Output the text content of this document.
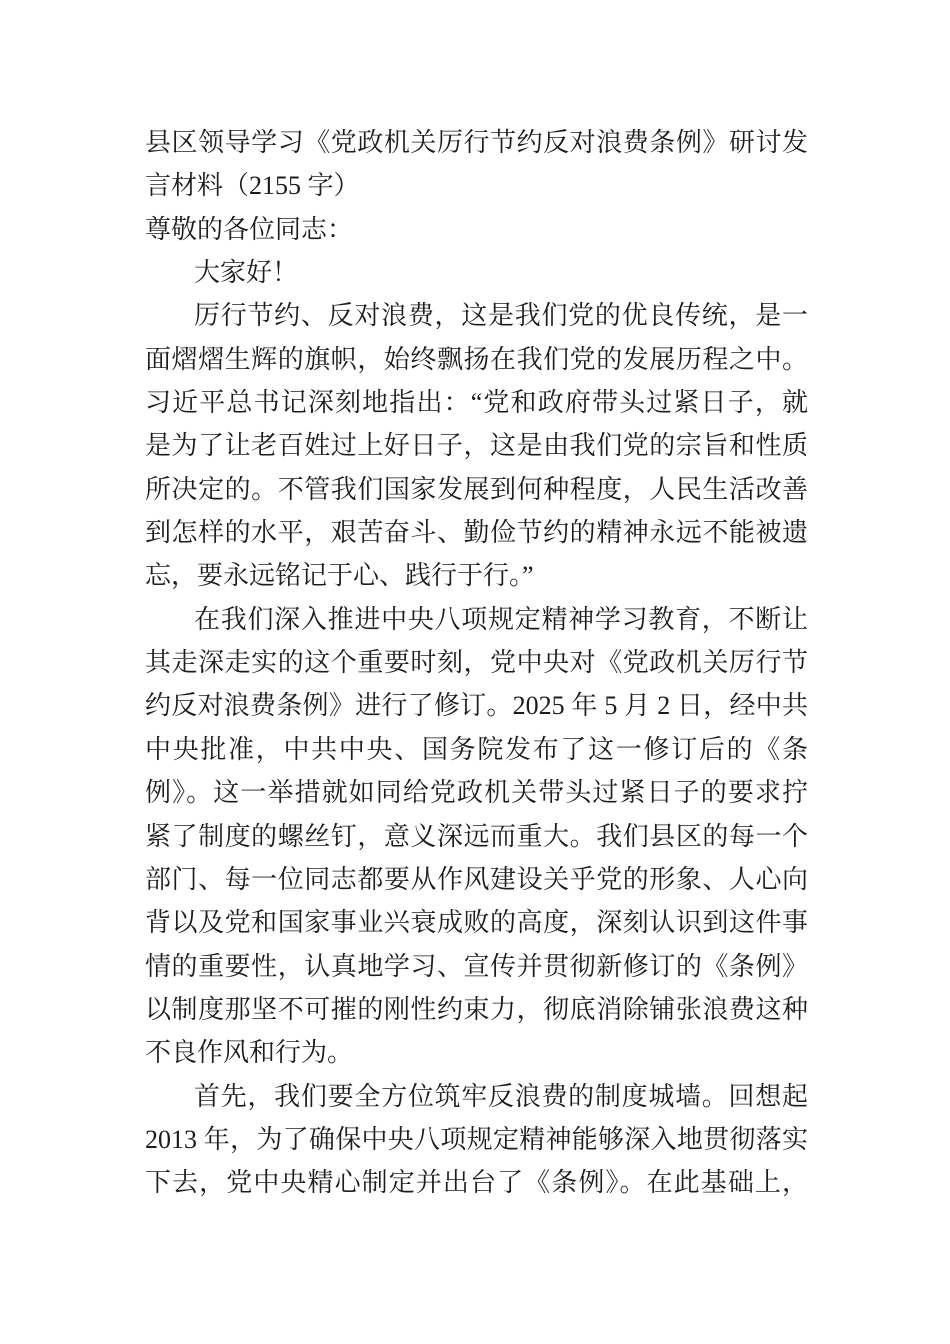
县区领导学习《党政机关厉行节约反对浪费条例》研讨发
言材料（2155 字）
尊敬的各位同志：
大家好！
厉行节约、反对浪费，这是我们党的优良传统，是一
面熠熠生辉的旗帜，始终飘扬在我们党的发展历程之中。
习近平总书记深刻地指出：“党和政府带头过紧日子，就
是为了让老百姓过上好日子，这是由我们党的宗旨和性质
所决定的。不管我们国家发展到何种程度，人民生活改善
到怎样的水平，艰苦奋斗、勤俭节约的精神永远不能被遗
忘，要永远铭记于心、践行于行。”
在我们深入推进中央八项规定精神学习教育，不断让
其走深走实的这个重要时刻，党中央对《党政机关厉行节
约反对浪费条例》进行了修订。2025 年 5 月 2 日，经中共
中央批准，中共中央、国务院发布了这一修订后的《条
例》。这一举措就如同给党政机关带头过紧日子的要求拧
紧了制度的螺丝钉，意义深远而重大。我们县区的每一个
部门、每一位同志都要从作风建设关乎党的形象、人心向
背以及党和国家事业兴衰成败的高度，深刻认识到这件事
情的重要性，认真地学习、宣传并贯彻新修订的《条例》
以制度那坚不可摧的刚性约束力，彻底消除铺张浪费这种
不良作风和行为。
首先，我们要全方位筑牢反浪费的制度城墙。回想起
2013 年，为了确保中央八项规定精神能够深入地贯彻落实
下去，党中央精心制定并出台了《条例》。在此基础上，
